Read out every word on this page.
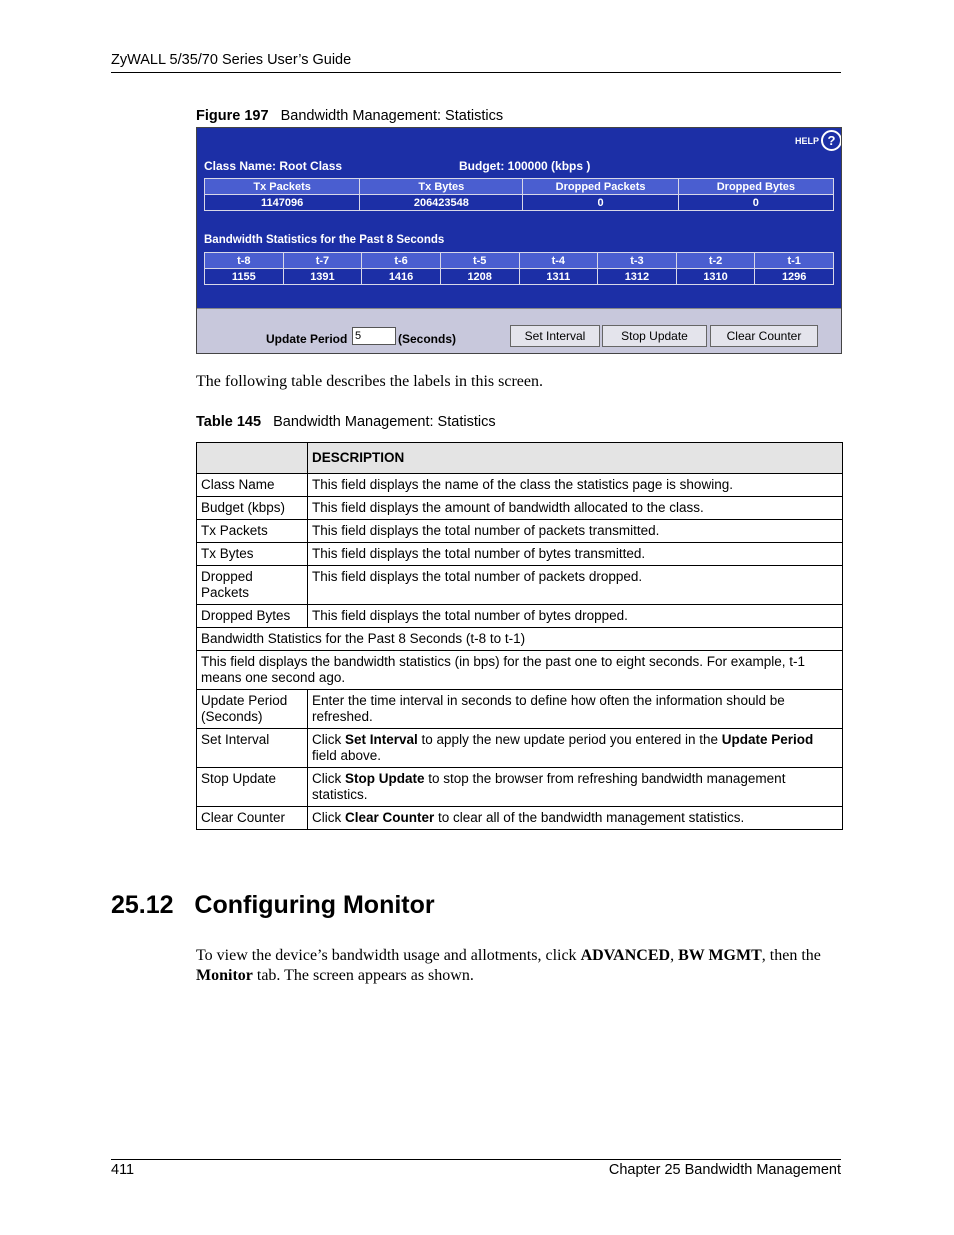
ZyWALL 5/35/70 Series User’s Guide
Figure 197 Bandwidth Management: Statistics
HELP ?
Class Name: Root Class	Budget: 100000 (kbps )
Tx Packets	Tx Bytes	Dropped Packets	Dropped Bytes
1147096	206423548	0	0
Bandwidth Statistics for the Past 8 Seconds
t-8	t-7	t-6	t-5	t-4	t-3	t-2	t-1
1155	1391	1416	1208	1311	1312	1310	1296
Update Period
5	(Seconds)	Set Interval	Stop Update	Clear Counter
The following table describes the labels in this screen.
Table 145 Bandwidth Management: Statistics
	DESCRIPTION
Class Name	This field displays the name of the class the statistics page is showing.
Budget (kbps)	This field displays the amount of bandwidth allocated to the class.
Tx Packets	This field displays the total number of packets transmitted.
Tx Bytes	This field displays the total number of bytes transmitted.

Dropped Packets	This field displays the total number of packets dropped.
Dropped Bytes	This field displays the total number of bytes dropped.
Bandwidth Statistics for the Past 8 Seconds (t-8 to t-1)	
This field displays the bandwidth statistics (in bps) for the past one to eight seconds. For example, t-1 means one second ago.	
Update Period (Seconds)	Enter the time interval in seconds to define how often the information should be refreshed.
Set Interval	Click Set Interval to apply the new update period you entered in the Update Period field above.
Stop Update	Click Stop Update to stop the browser from refreshing bandwidth management statistics.
Clear Counter	Click Clear Counter to clear all of the bandwidth management statistics.
25.12 Configuring Monitor
To view the device’s bandwidth usage and allotments, click ADVANCED, BW MGMT, then the Monitor tab. The screen appears as shown.
411	Chapter 25 Bandwidth Management
